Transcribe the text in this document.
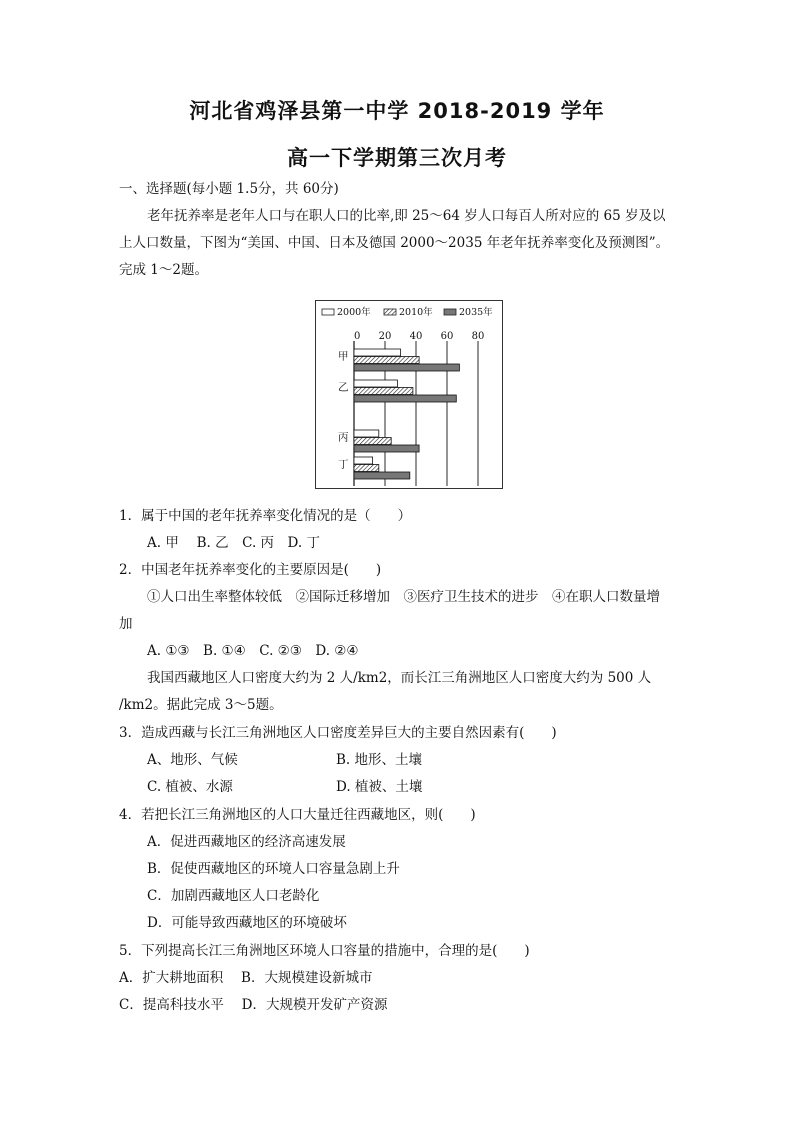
河北省鸡泽县第一中学 2018-2019 学年
高一下学期第三次月考
一、选择题(每小题 1.5分，共 60分)
老年抚养率是老年人口与在职人口的比率,即 25～64 岁人口每百人所对应的 65 岁及以
上人口数量，下图为“美国、中国、日本及德国 2000～2035 年老年抚养率变化及预测图”。
完成 1～2题。
2000年	2010年	2035年
0 20 40 60 80
甲
乙
丙
丁
1．属于中国的老年抚养率变化情况的是（　　）
A. 甲　 B. 乙　C. 丙　D. 丁
2．中国老年抚养率变化的主要原因是(　　)
①人口出生率整体较低　②国际迁移增加　③医疗卫生技术的进步　④在职人口数量增
加
A. ①③　B. ①④　C. ②③　D. ②④
我国西藏地区人口密度大约为 2 人/km2，而长江三角洲地区人口密度大约为 500 人
/km2。据此完成 3～5题。
3．造成西藏与长江三角洲地区人口密度差异巨大的主要自然因素有(　　)
A、地形、气候	B. 地形、土壤
C. 植被、水源	D. 植被、土壤
4．若把长江三角洲地区的人口大量迁往西藏地区，则(　　)
A．促进西藏地区的经济高速发展
B．促使西藏地区的环境人口容量急剧上升
C．加剧西藏地区人口老龄化
D．可能导致西藏地区的环境破坏
5．下列提高长江三角洲地区环境人口容量的措施中，合理的是(　　)
A．扩大耕地面积　 B．大规模建设新城市
C．提高科技水平　 D．大规模开发矿产资源
